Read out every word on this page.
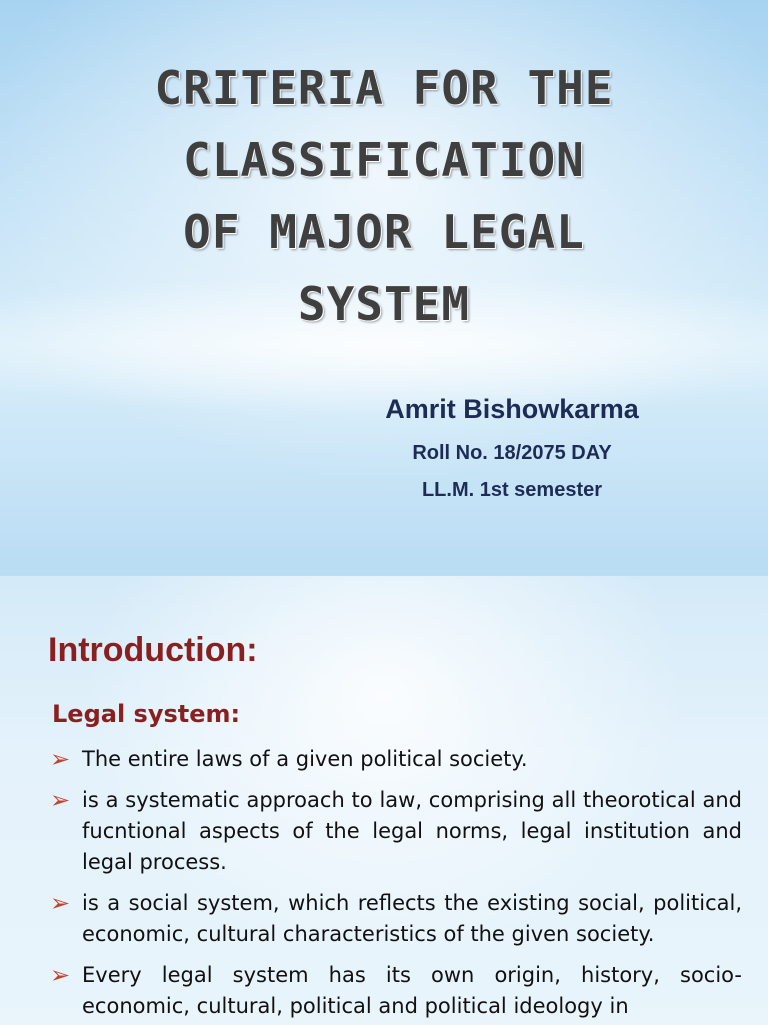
CRITERIA FOR THE
CLASSIFICATION
OF MAJOR LEGAL
SYSTEM

Amrit Bishowkarma

Roll No. 18/2075 DAY

LL.M. 1st semester

Introduction:
Legal system:
➢ The entire laws of a given political society.
➢ is a systematic approach to law, comprising all theorotical and fucntional aspects of the legal norms, legal institution and legal process.
➢ is a social system, which reflects the existing social, political, economic, cultural characteristics of the given society.
➢ Every legal system has its own origin, history, socio-economic, cultural, political and political ideology in
